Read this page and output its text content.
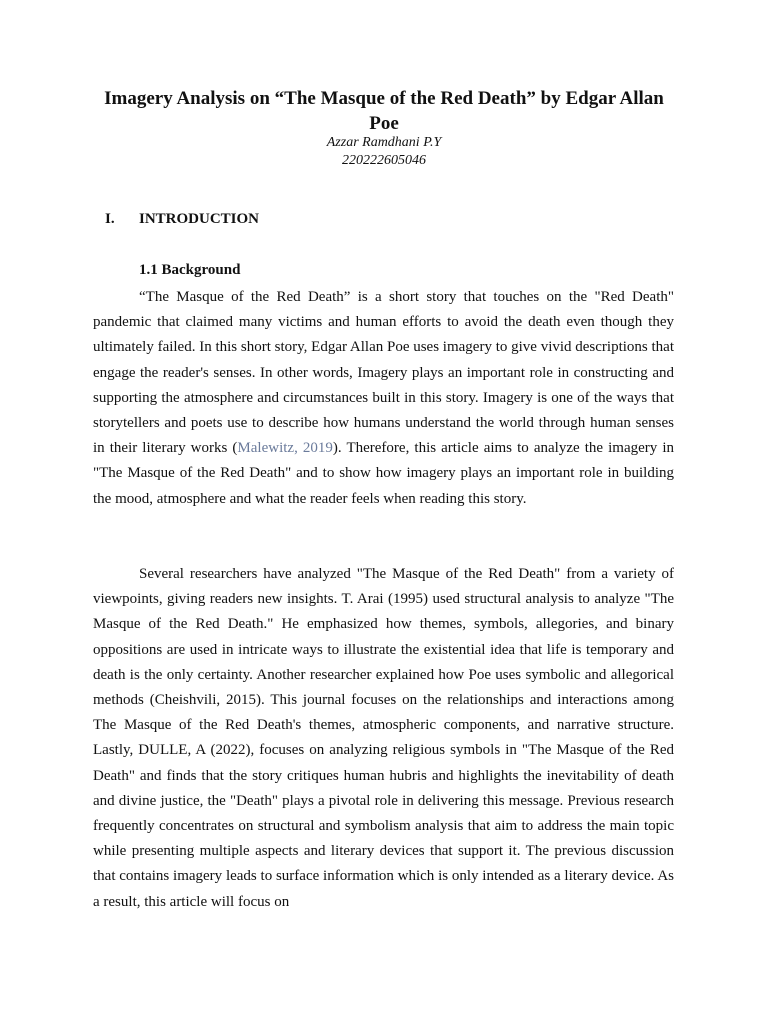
Imagery Analysis on “The Masque of the Red Death” by Edgar Allan Poe

Azzar Ramdhani P.Y

220222605046

I. INTRODUCTION
1.1 Background

“The Masque of the Red Death” is a short story that touches on the "Red Death" pandemic that claimed many victims and human efforts to avoid the death even though they ultimately failed. In this short story, Edgar Allan Poe uses imagery to give vivid descriptions that engage the reader's senses. In other words, Imagery plays an important role in constructing and supporting the atmosphere and circumstances built in this story. Imagery is one of the ways that storytellers and poets use to describe how humans understand the world through human senses in their literary works (Malewitz, 2019). Therefore, this article aims to analyze the imagery in "The Masque of the Red Death" and to show how imagery plays an important role in building the mood, atmosphere and what the reader feels when reading this story.

Several researchers have analyzed "The Masque of the Red Death" from a variety of viewpoints, giving readers new insights. T. Arai (1995) used structural analysis to analyze "The Masque of the Red Death." He emphasized how themes, symbols, allegories, and binary oppositions are used in intricate ways to illustrate the existential idea that life is temporary and death is the only certainty. Another researcher explained how Poe uses symbolic and allegorical methods (Cheishvili, 2015). This journal focuses on the relationships and interactions among The Masque of the Red Death's themes, atmospheric components, and narrative structure. Lastly, DULLE, A (2022), focuses on analyzing religious symbols in "The Masque of the Red Death" and finds that the story critiques human hubris and highlights the inevitability of death and divine justice, the "Death" plays a pivotal role in delivering this message. Previous research frequently concentrates on structural and symbolism analysis that aim to address the main topic while presenting multiple aspects and literary devices that support it. The previous discussion that contains imagery leads to surface information which is only intended as a literary device. As a result, this article will focus on
